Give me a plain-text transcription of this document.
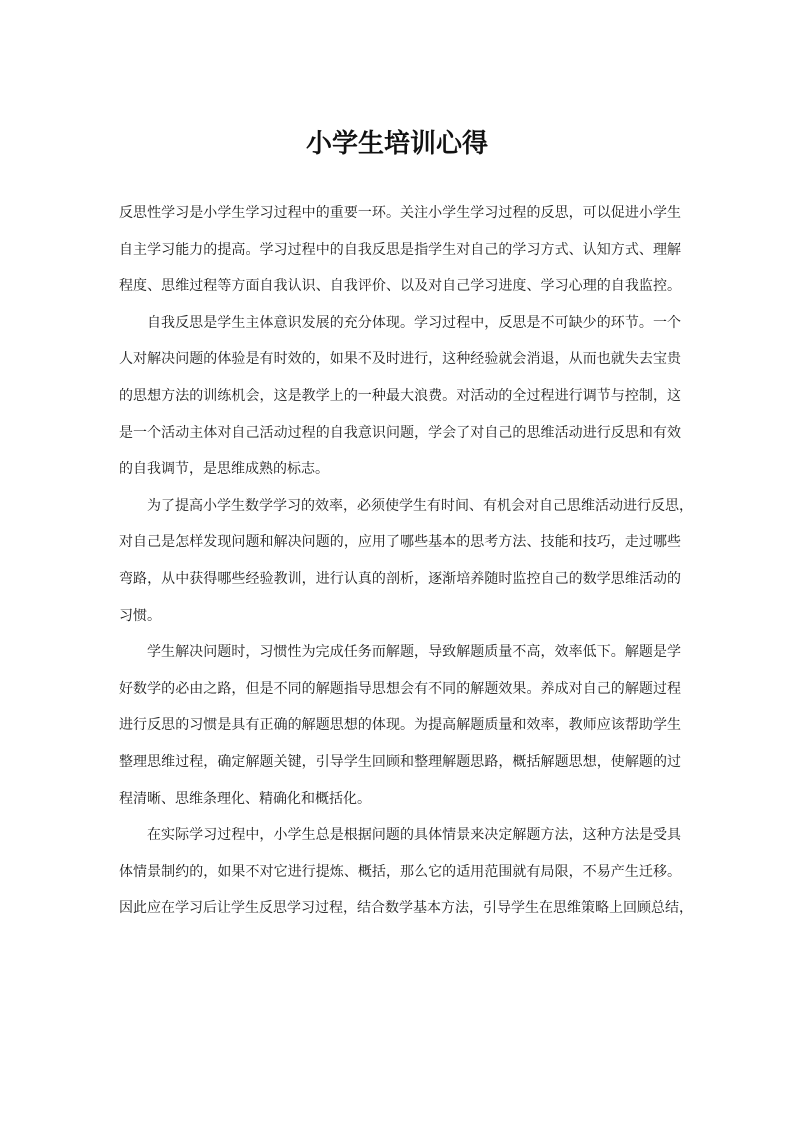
小学生培训心得
反思性学习是小学生学习过程中的重要一环。关注小学生学习过程的反思，可以促进小学生
自主学习能力的提高。学习过程中的自我反思是指学生对自己的学习方式、认知方式、理解
程度、思维过程等方面自我认识、自我评价、以及对自己学习进度、学习心理的自我监控。
自我反思是学生主体意识发展的充分体现。学习过程中，反思是不可缺少的环节。一个
人对解决问题的体验是有时效的，如果不及时进行，这种经验就会消退，从而也就失去宝贵
的思想方法的训练机会，这是教学上的一种最大浪费。对活动的全过程进行调节与控制，这
是一个活动主体对自己活动过程的自我意识问题，学会了对自己的思维活动进行反思和有效
的自我调节，是思维成熟的标志。
为了提高小学生数学学习的效率，必须使学生有时间、有机会对自己思维活动进行反思，
对自己是怎样发现问题和解决问题的，应用了哪些基本的思考方法、技能和技巧，走过哪些
弯路，从中获得哪些经验教训，进行认真的剖析，逐渐培养随时监控自己的数学思维活动的
习惯。
学生解决问题时，习惯性为完成任务而解题，导致解题质量不高，效率低下。解题是学
好数学的必由之路，但是不同的解题指导思想会有不同的解题效果。养成对自己的解题过程
进行反思的习惯是具有正确的解题思想的体现。为提高解题质量和效率，教师应该帮助学生
整理思维过程，确定解题关键，引导学生回顾和整理解题思路，概括解题思想，使解题的过
程清晰、思维条理化、精确化和概括化。
在实际学习过程中，小学生总是根据问题的具体情景来决定解题方法，这种方法是受具
体情景制约的，如果不对它进行提炼、概括，那么它的适用范围就有局限，不易产生迁移。
因此应在学习后让学生反思学习过程，结合数学基本方法，引导学生在思维策略上回顾总结，
